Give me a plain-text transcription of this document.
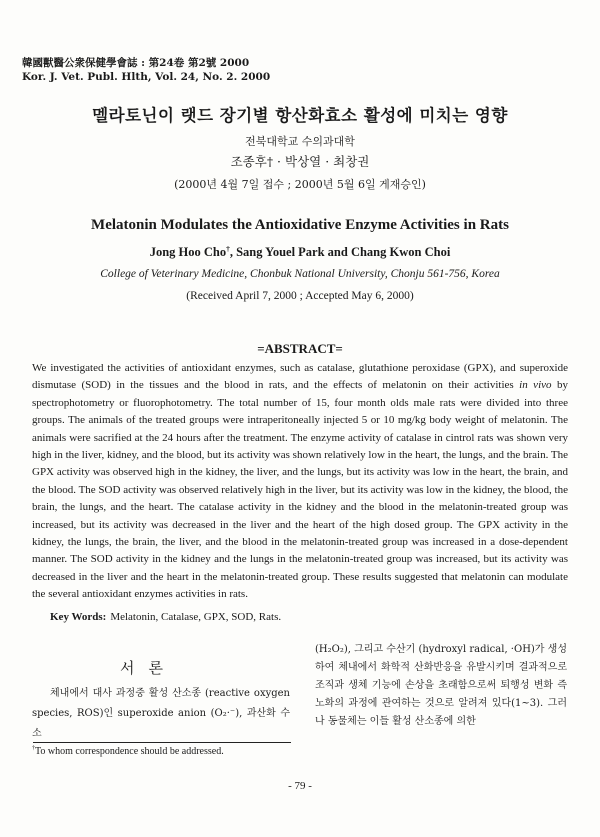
韓國獸醫公衆保健學會誌 : 第24卷 第2號 2000
Kor. J. Vet. Publ. Hlth, Vol. 24, No. 2. 2000
멜라토닌이 랫드 장기별 항산화효소 활성에 미치는 영향
전북대학교 수의과대학
조종후† · 박상열 · 최창권
(2000년 4월 7일 접수 ; 2000년 5월 6일 게재승인)
Melatonin Modulates the Antioxidative Enzyme Activities in Rats
Jong Hoo Cho†, Sang Youel Park and Chang Kwon Choi
College of Veterinary Medicine, Chonbuk National University, Chonju 561-756, Korea
(Received April 7, 2000 ; Accepted May 6, 2000)
=ABSTRACT=

We investigated the activities of antioxidant enzymes, such as catalase, glutathione peroxidase (GPX), and superoxide dismutase (SOD) in the tissues and the blood in rats, and the effects of melatonin on their activities in vivo by spectrophotometry or fluorophotometry. The total number of 15, four month olds male rats were divided into three groups. The animals of the treated groups were intraperitoneally injected 5 or 10 mg/kg body weight of melatonin. The animals were sacrified at the 24 hours after the treatment. The enzyme activity of catalase in cintrol rats was shown very high in the liver, kidney, and the blood, but its activity was shown relatively low in the heart, the lungs, and the brain. The GPX activity was observed high in the kidney, the liver, and the lungs, but its activity was low in the heart, the brain, and the blood. The SOD activity was observed relatively high in the liver, but its activity was low in the kidney, the blood, the brain, the lungs, and the heart. The catalase activity in the kidney and the blood in the melatonin-treated group was increased, but its activity was decreased in the liver and the heart of the high dosed group. The GPX activity in the kidney, the lungs, the brain, the liver, and the blood in the melatonin-treated group was increased in a dose-dependent manner. The SOD activity in the kidney and the lungs in the melatonin-treated group was increased, but its activity was decreased in the liver and the heart in the melatonin-treated group. These results suggested that melatonin can modulate the several antioxidant enzymes activities in rats.

Key Words: Melatonin, Catalase, GPX, SOD, Rats.
서론

체내에서 대사 과정중 활성 산소종 (reactive oxygen species, ROS)인 superoxide anion (O₂·⁻), 과산화 수소

(H₂O₂), 그리고 수산기 (hydroxyl radical, ·OH)가 생성하여 체내에서 화학적 산화반응을 유발시키며 결과적으로 조직과 생체 기능에 손상을 초래함으로써 퇴행성 변화 즉 노화의 과정에 관여하는 것으로 알려져 있다(1~3). 그러나 동물체는 이들 활성 산소종에 의한

†To whom correspondence should be addressed.
- 79 -
